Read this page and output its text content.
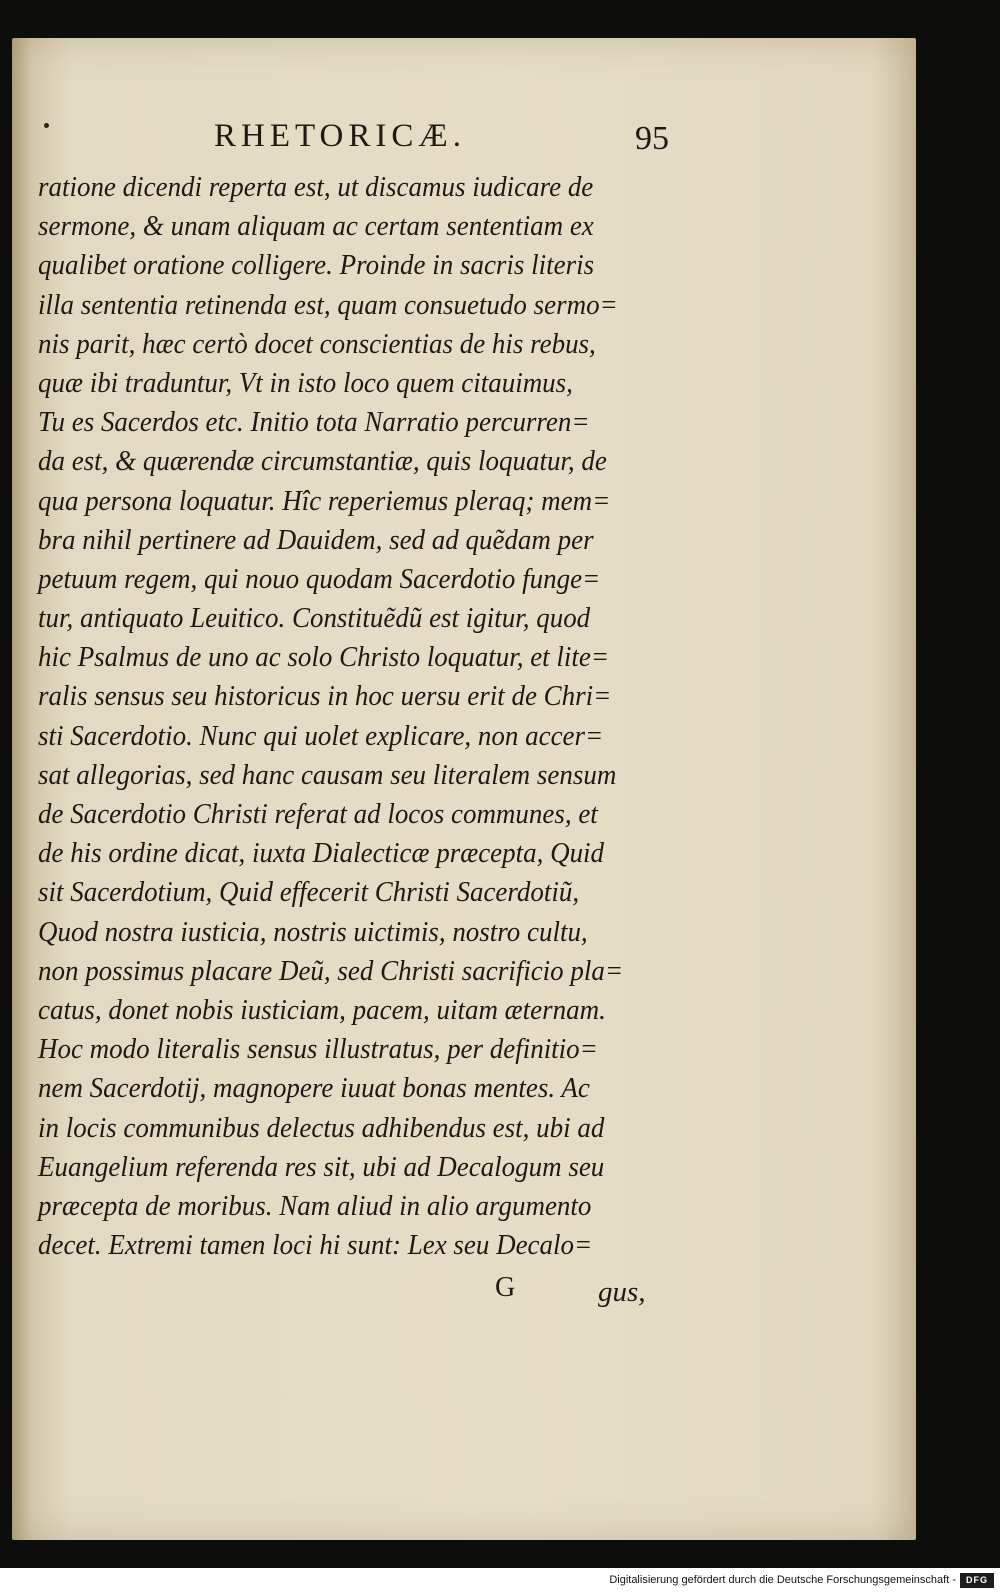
RHETORICÆ.	95
ratione dicendi reperta est, ut discamus iudicare de
sermone, & unam aliquam ac certam sententiam ex
qualibet oratione colligere. Proinde in sacris literis
illa sententia retinenda est, quam consuetudo sermo=
nis parit, hæc certò docet conscientias de his rebus,
quæ ibi traduntur, Vt in isto loco quem citauimus,
Tu es Sacerdos etc. Initio tota Narratio percurren=
da est, & quærendæ circumstantiæ, quis loquatur, de
qua persona loquatur. Hîc reperiemus pleraq; mem=
bra nihil pertinere ad Dauidem, sed ad quẽdam per
petuum regem, qui nouo quodam Sacerdotio funge=
tur, antiquato Leuitico. Constituẽdũ est igitur, quod
hic Psalmus de uno ac solo Christo loquatur, et lite=
ralis sensus seu historicus in hoc uersu erit de Chri=
sti Sacerdotio. Nunc qui uolet explicare, non accer=
sat allegorias, sed hanc causam seu literalem sensum
de Sacerdotio Christi referat ad locos communes, et
de his ordine dicat, iuxta Dialecticæ præcepta, Quid
sit Sacerdotium, Quid effecerit Christi Sacerdotiũ,
Quod nostra iusticia, nostris uictimis, nostro cultu,
non possimus placare Deũ, sed Christi sacrificio pla=
catus, donet nobis iusticiam, pacem, uitam æternam.
Hoc modo literalis sensus illustratus, per definitio=
nem Sacerdotij, magnopere iuuat bonas mentes. Ac
in locis communibus delectus adhibendus est, ubi ad
Euangelium referenda res sit, ubi ad Decalogum seu
præcepta de moribus. Nam aliud in alio argumento
decet. Extremi tamen loci hi sunt: Lex seu Decalo=
G	gus,
Digitalisierung gefördert durch die Deutsche Forschungsgemeinschaft -	DFG
